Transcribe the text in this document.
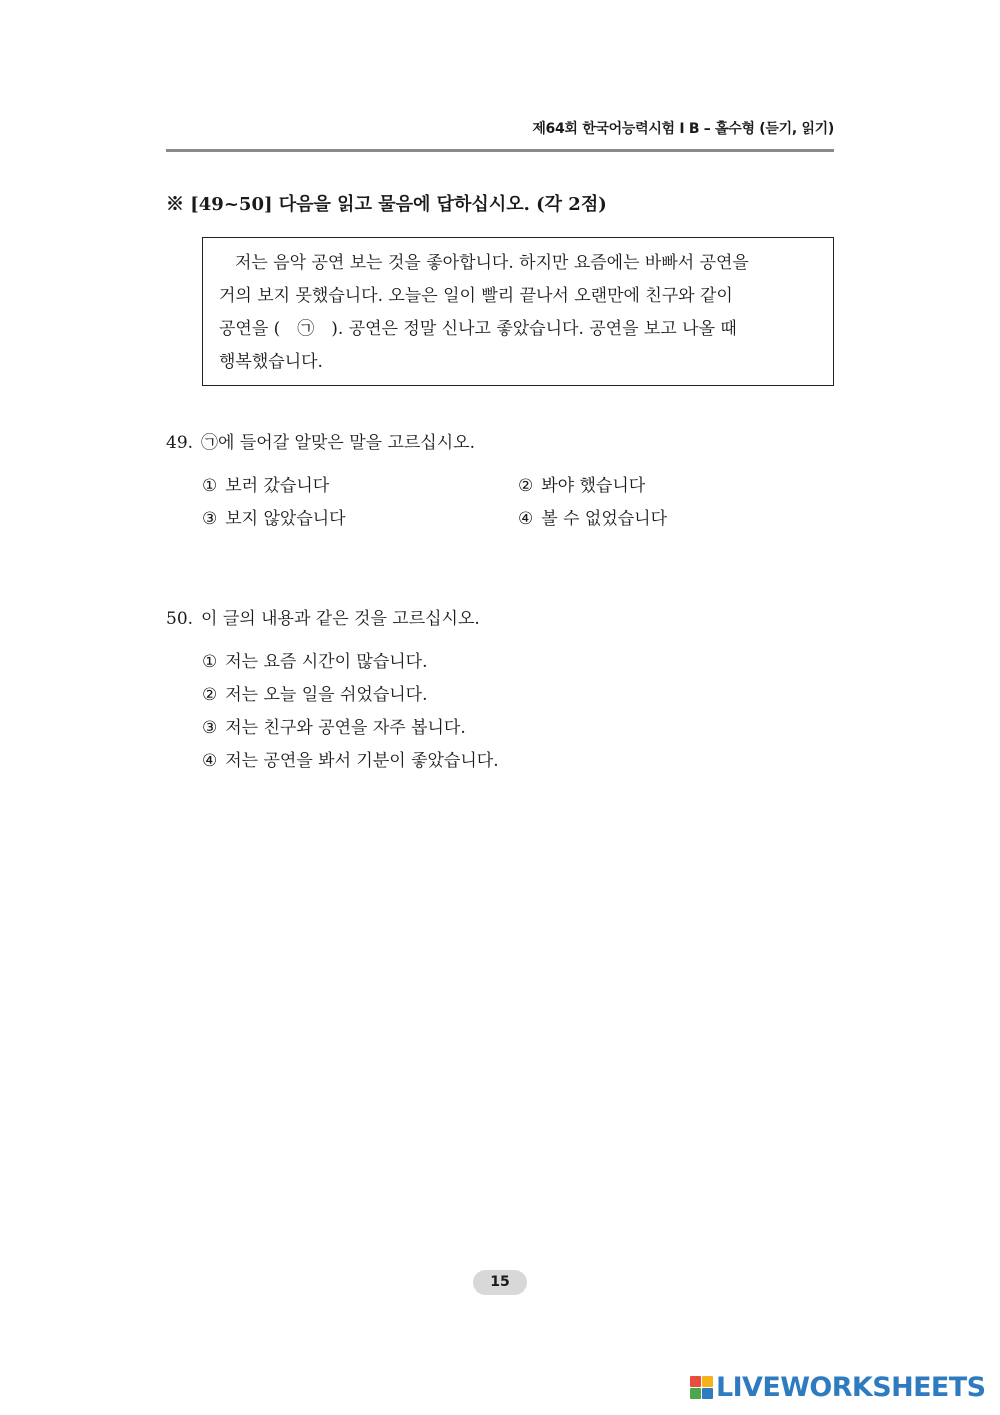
제64회 한국어능력시험 I B – 홀수형 (듣기, 읽기)
※ [49~50] 다음을 읽고 물음에 답하십시오. (각 2점)

저는 음악 공연 보는 것을 좋아합니다. 하지만 요즘에는 바빠서 공연을

거의 보지 못했습니다. 오늘은 일이 빨리 끝나서 오랜만에 친구와 같이

공연을 (　㉠　). 공연은 정말 신나고 좋았습니다. 공연을 보고 나올 때

행복했습니다.

49. ㉠에 들어갈 알맞은 말을 고르십시오.
① 보러 갔습니다	② 봐야 했습니다
③ 보지 않았습니다	④ 볼 수 없었습니다
50. 이 글의 내용과 같은 것을 고르십시오.
① 저는 요즘 시간이 많습니다.
② 저는 오늘 일을 쉬었습니다.
③ 저는 친구와 공연을 자주 봅니다.
④ 저는 공연을 봐서 기분이 좋았습니다.
15
LIVEWORKSHEETS
